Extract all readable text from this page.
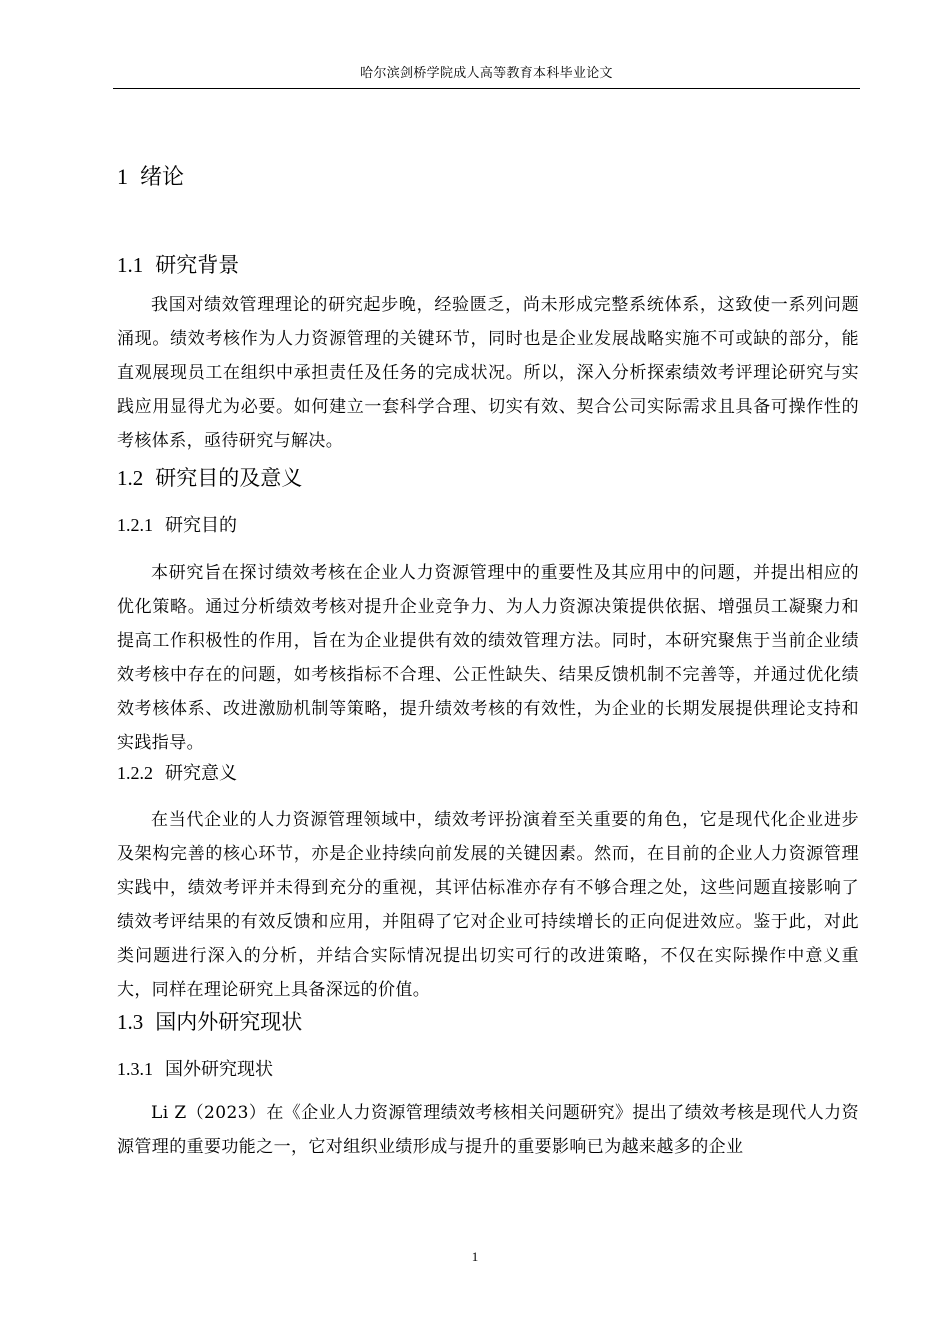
哈尔滨剑桥学院成人高等教育本科毕业论文
1 绪论
1.1 研究背景

我国对绩效管理理论的研究起步晚，经验匮乏，尚未形成完整系统体系，这致使一系列问题涌现。绩效考核作为人力资源管理的关键环节，同时也是企业发展战略实施不可或缺的部分，能直观展现员工在组织中承担责任及任务的完成状况。所以，深入分析探索绩效考评理论研究与实践应用显得尤为必要。如何建立一套科学合理、切实有效、契合公司实际需求且具备可操作性的考核体系，亟待研究与解决。

1.2 研究目的及意义
1.2.1 研究目的

本研究旨在探讨绩效考核在企业人力资源管理中的重要性及其应用中的问题，并提出相应的优化策略。通过分析绩效考核对提升企业竞争力、为人力资源决策提供依据、增强员工凝聚力和提高工作积极性的作用，旨在为企业提供有效的绩效管理方法。同时，本研究聚焦于当前企业绩效考核中存在的问题，如考核指标不合理、公正性缺失、结果反馈机制不完善等，并通过优化绩效考核体系、改进激励机制等策略，提升绩效考核的有效性，为企业的长期发展提供理论支持和实践指导。

1.2.2 研究意义

在当代企业的人力资源管理领域中，绩效考评扮演着至关重要的角色，它是现代化企业进步及架构完善的核心环节，亦是企业持续向前发展的关键因素。然而，在目前的企业人力资源管理实践中，绩效考评并未得到充分的重视，其评估标准亦存有不够合理之处，这些问题直接影响了绩效考评结果的有效反馈和应用，并阻碍了它对企业可持续增长的正向促进效应。鉴于此，对此类问题进行深入的分析，并结合实际情况提出切实可行的改进策略，不仅在实际操作中意义重大，同样在理论研究上具备深远的价值。

1.3 国内外研究现状
1.3.1 国外研究现状

Li Z（2023）在《企业人力资源管理绩效考核相关问题研究》提出了绩效考核是现代人力资源管理的重要功能之一，它对组织业绩形成与提升的重要影响已为越来越多的企业

1
